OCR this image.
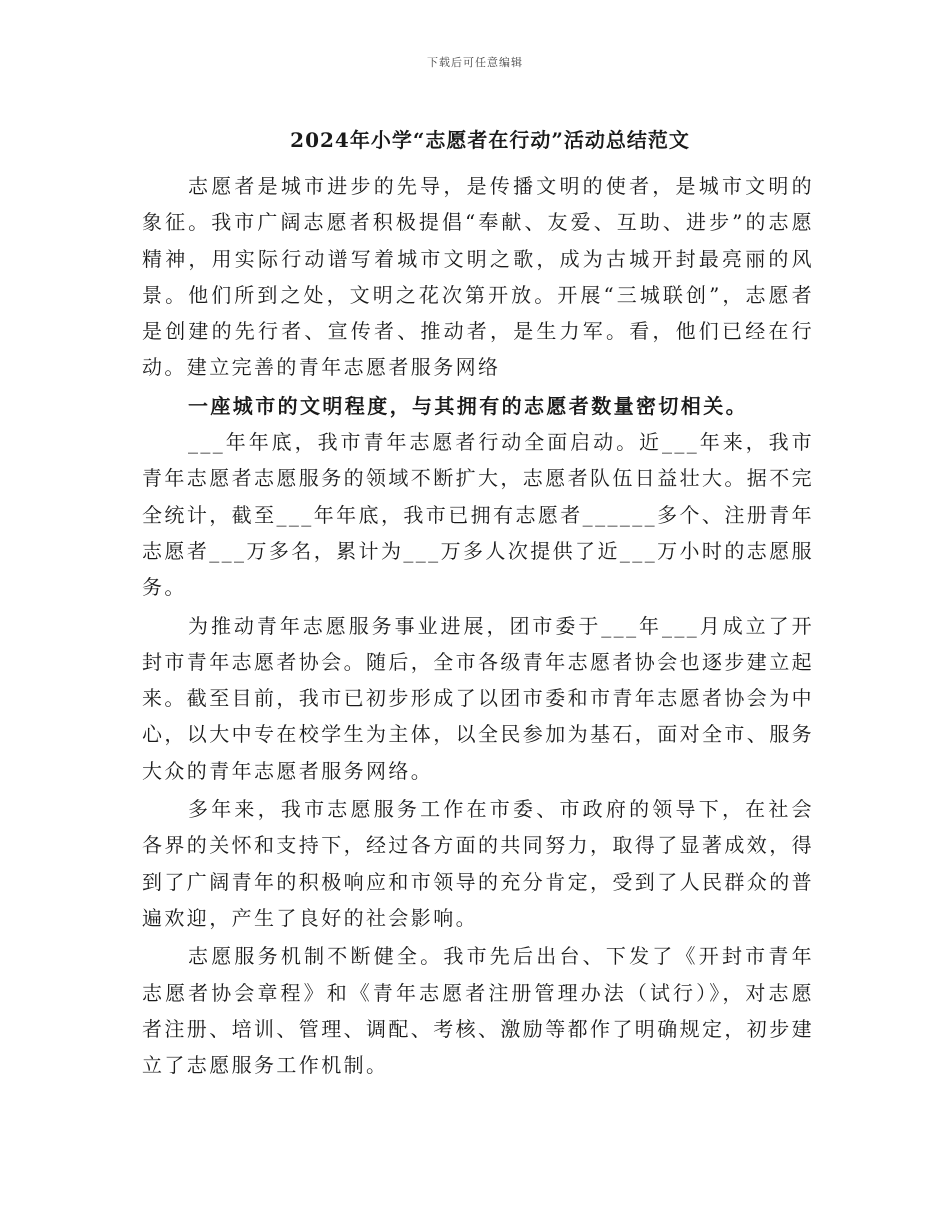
下载后可任意编辑
2024年小学“志愿者在行动”活动总结范文

志愿者是城市进步的先导，是传播文明的使者，是城市文明的象征。我市广阔志愿者积极提倡“奉献、友爱、互助、进步”的志愿精神，用实际行动谱写着城市文明之歌，成为古城开封最亮丽的风景。他们所到之处，文明之花次第开放。开展“三城联创”，志愿者是创建的先行者、宣传者、推动者，是生力军。看，他们已经在行动。建立完善的青年志愿者服务网络

一座城市的文明程度，与其拥有的志愿者数量密切相关。

___年年底，我市青年志愿者行动全面启动。近___年来，我市青年志愿者志愿服务的领域不断扩大，志愿者队伍日益壮大。据不完全统计，截至___年年底，我市已拥有志愿者______多个、注册青年志愿者___万多名，累计为___万多人次提供了近___万小时的志愿服务。

为推动青年志愿服务事业进展，团市委于___年___月成立了开封市青年志愿者协会。随后，全市各级青年志愿者协会也逐步建立起来。截至目前，我市已初步形成了以团市委和市青年志愿者协会为中心，以大中专在校学生为主体，以全民参加为基石，面对全市、服务大众的青年志愿者服务网络。

多年来，我市志愿服务工作在市委、市政府的领导下，在社会各界的关怀和支持下，经过各方面的共同努力，取得了显著成效，得到了广阔青年的积极响应和市领导的充分肯定，受到了人民群众的普遍欢迎，产生了良好的社会影响。

志愿服务机制不断健全。我市先后出台、下发了《开封市青年志愿者协会章程》和《青年志愿者注册管理办法（试行）》，对志愿者注册、培训、管理、调配、考核、激励等都作了明确规定，初步建立了志愿服务工作机制。
